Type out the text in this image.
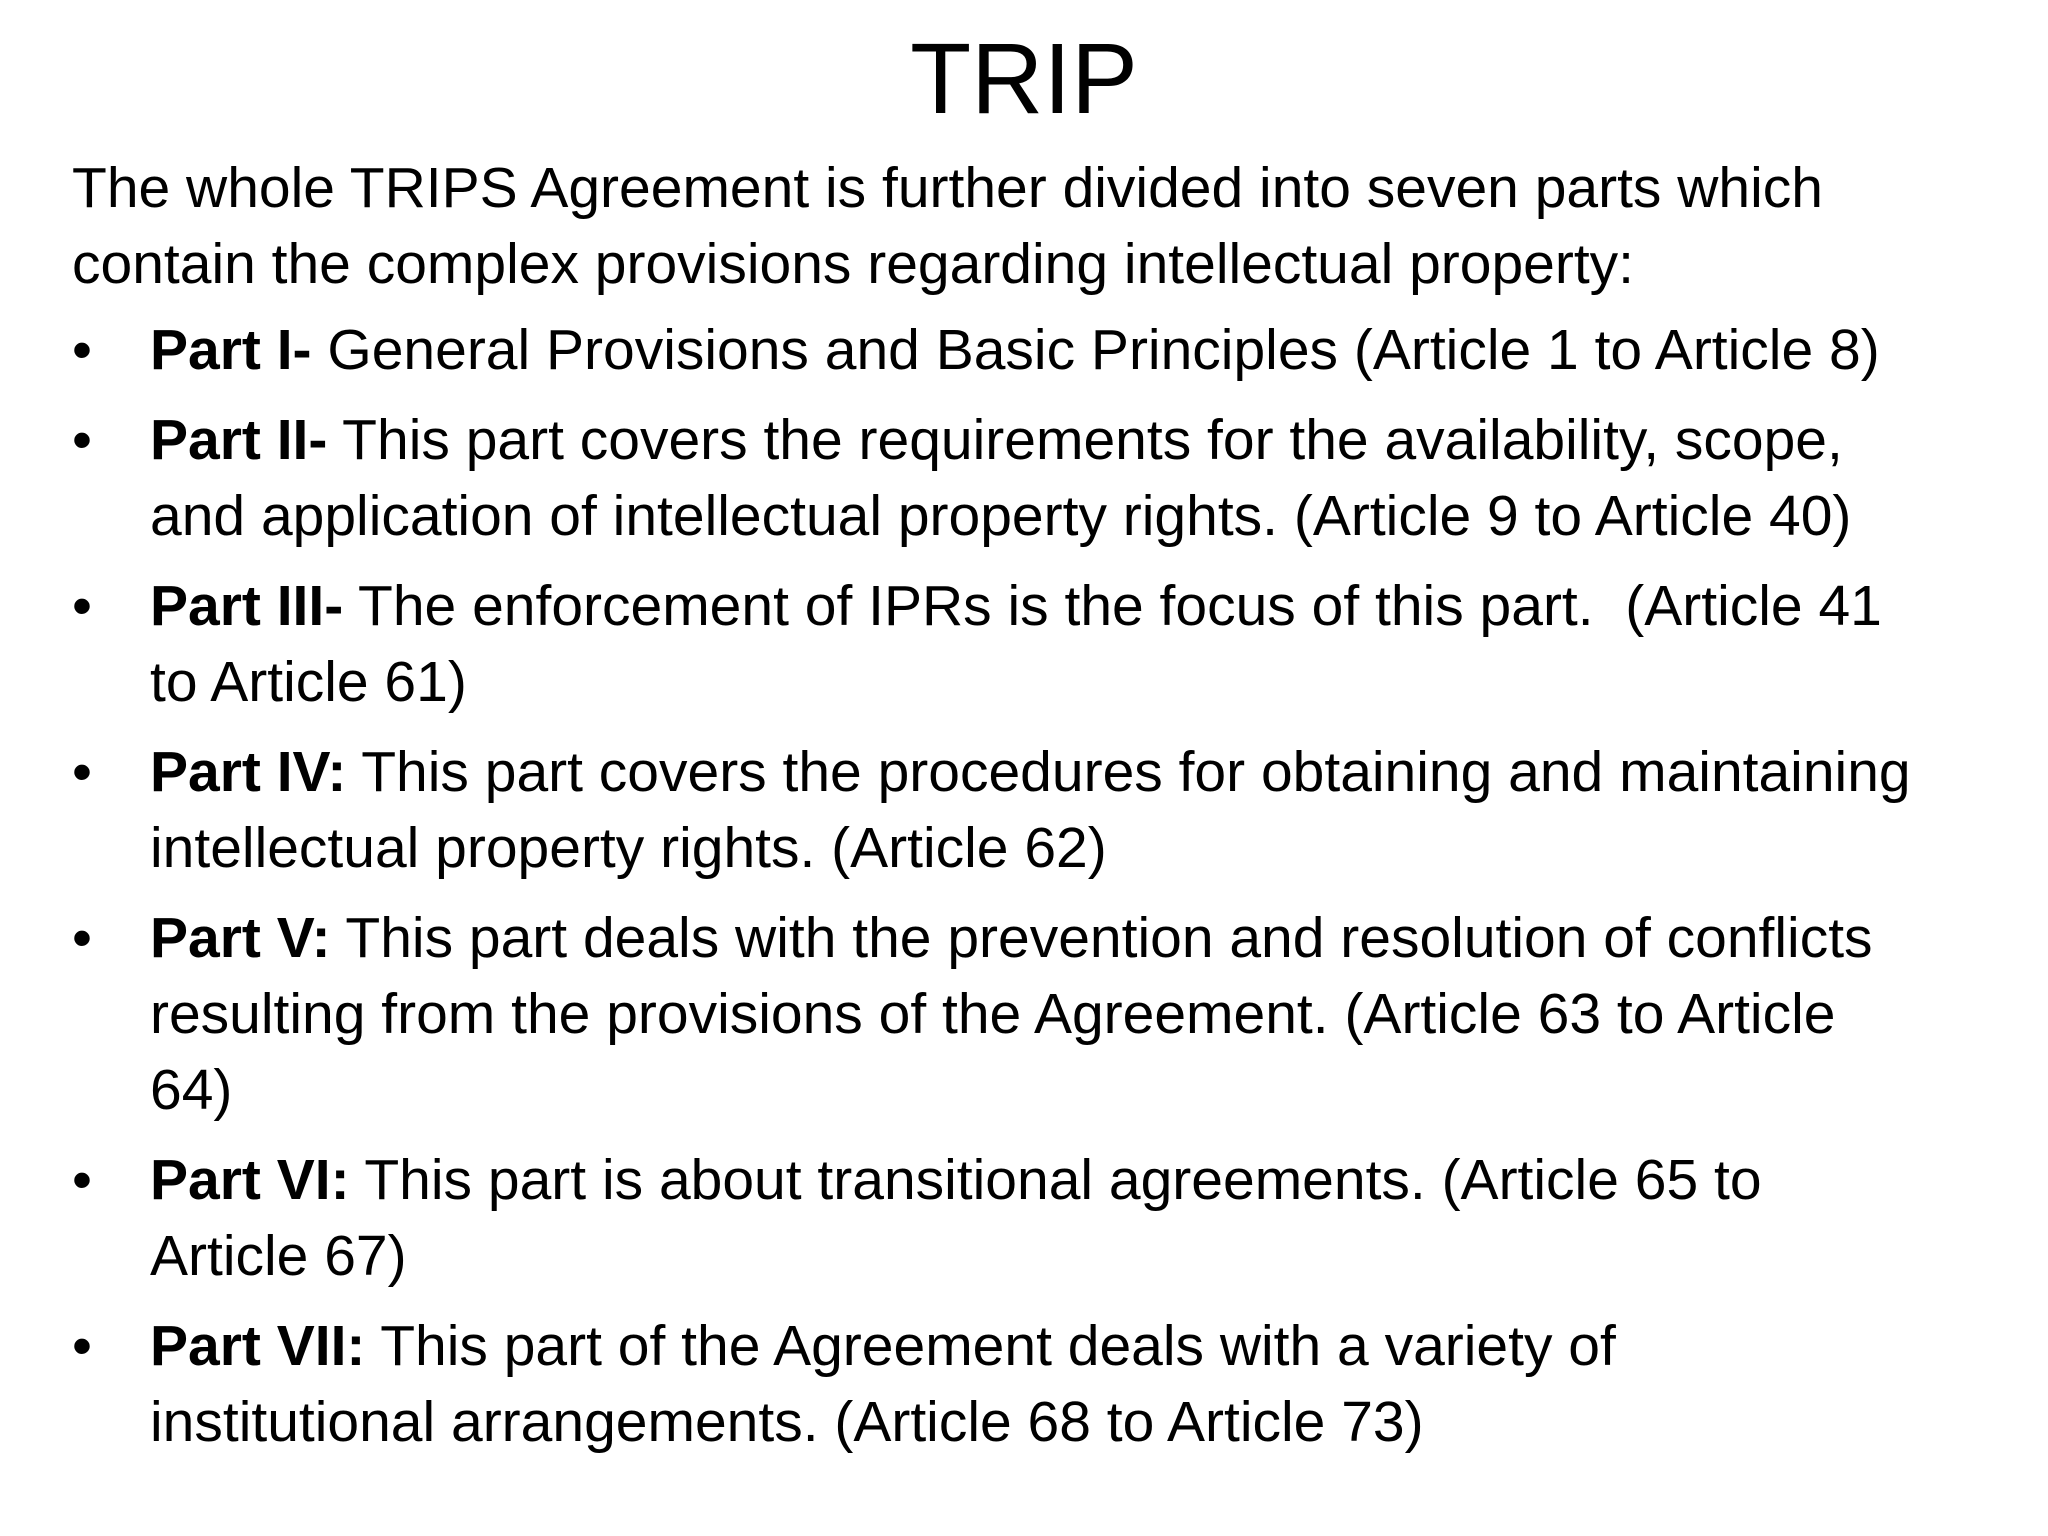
TRIP

The whole TRIPS Agreement is further divided into seven parts which
contain the complex provisions regarding intellectual property:

•	Part I- General Provisions and Basic Principles (Article 1 to Article 8)
•	Part II- This part covers the requirements for the availability, scope,
and application of intellectual property rights. (Article 9 to Article 40)
•	Part III- The enforcement of IPRs is the focus of this part.  (Article 41
to Article 61)
•	Part IV: This part covers the procedures for obtaining and maintaining
intellectual property rights. (Article 62)
•	Part V: This part deals with the prevention and resolution of conflicts
resulting from the provisions of the Agreement. (Article 63 to Article
64)
•	Part VI: This part is about transitional agreements. (Article 65 to
Article 67)
•	Part VII: This part of the Agreement deals with a variety of
institutional arrangements. (Article 68 to Article 73)
